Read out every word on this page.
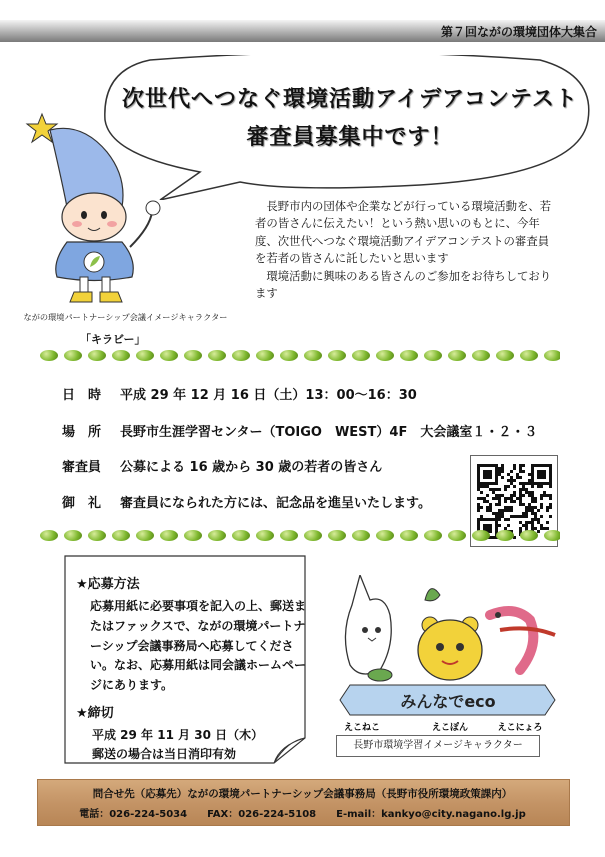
第７回ながの環境団体大集合
次世代へつなぐ環境活動アイデアコンテスト
審査員募集中です！
ながの環境パートナーシップ会議イメージキャラクター
「キラビー」

　長野市内の団体や企業などが行っている環境活動を、若者の皆さんに伝えたい！という熱い思いのもとに、今年度、次世代へつなぐ環境活動アイデアコンテストの審査員を若者の皆さんに託したいと思います

　環境活動に興味のある皆さんのご参加をお待ちしております

日　時 平成 29 年 12 月 16 日（土）13：00～16：30
場　所 長野市生涯学習センター（TOIGO　WEST）4F　大会議室１・２・３
審査員 公募による 16 歳から 30 歳の若者の皆さん
御　礼 審査員になられた方には、記念品を進呈いたします。
★応募方法
応募用紙に必要事項を記入の上、郵送またはファックスで、ながの環境パートナーシップ会議事務局へ応募してください。なお、応募用紙は同会議ホームページにあります。
★締切
平成 29 年 11 月 30 日（木）
郵送の場合は当日消印有効
みんなでeco
えこねこ	えこぽん	えこにょろ
長野市環境学習イメージキャラクター
問合せ先（応募先）ながの環境パートナーシップ会議事務局（長野市役所環境政策課内）
電話：026-224-5034 FAX：026-224-5108 E-mail：kankyo@city.nagano.lg.jp
